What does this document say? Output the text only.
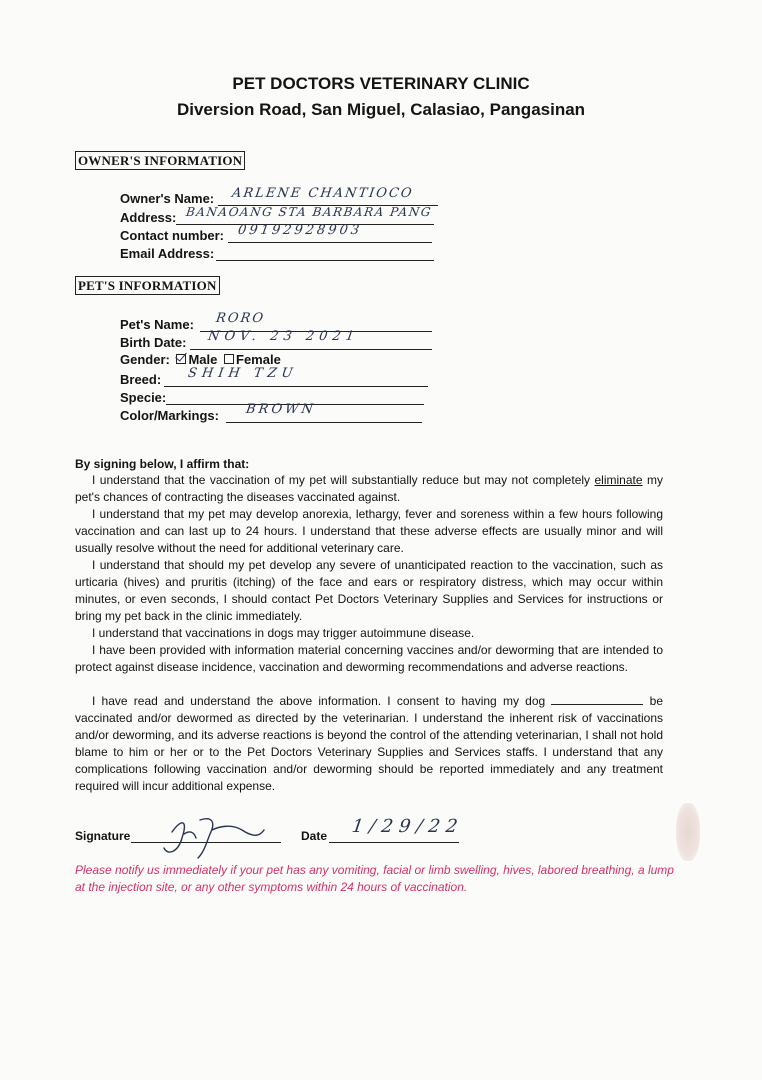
PET DOCTORS VETERINARY CLINIC
Diversion Road, San Miguel, Calasiao, Pangasinan
OWNER'S INFORMATION
Owner's Name: ARLENE CHANTIOCO
Address: BANAOANG STA BARBARA PANG
Contact number: 09192928903
Email Address:
PET'S INFORMATION
Pet's Name: RORO
Birth Date: NOV. 23 2021
Gender: Male Female
Breed: SHIH TZU
Specie:
Color/Markings: BROWN
By signing below, I affirm that:
I understand that the vaccination of my pet will substantially reduce but may not completely eliminate my pet's chances of contracting the diseases vaccinated against.
I understand that my pet may develop anorexia, lethargy, fever and soreness within a few hours following vaccination and can last up to 24 hours. I understand that these adverse effects are usually minor and will usually resolve without the need for additional veterinary care.
I understand that should my pet develop any severe of unanticipated reaction to the vaccination, such as urticaria (hives) and pruritis (itching) of the face and ears or respiratory distress, which may occur within minutes, or even seconds, I should contact Pet Doctors Veterinary Supplies and Services for instructions or bring my pet back in the clinic immediately.
I understand that vaccinations in dogs may trigger autoimmune disease.
I have been provided with information material concerning vaccines and/or deworming that are intended to protect against disease incidence, vaccination and deworming recommendations and adverse reactions.
I have read and understand the above information. I consent to having my dog	be vaccinated and/or dewormed as directed by the veterinarian. I understand the inherent risk of vaccinations and/or deworming, and its adverse reactions is beyond the control of the attending veterinarian, I shall not hold blame to him or her or to the Pet Doctors Veterinary Supplies and Services staffs. I understand that any complications following vaccination and/or deworming should be reported immediately and any treatment required will incur additional expense.
Signature	Date 1/29/22
Please notify us immediately if your pet has any vomiting, facial or limb swelling, hives, labored breathing, a lump at the injection site, or any other symptoms within 24 hours of vaccination.
